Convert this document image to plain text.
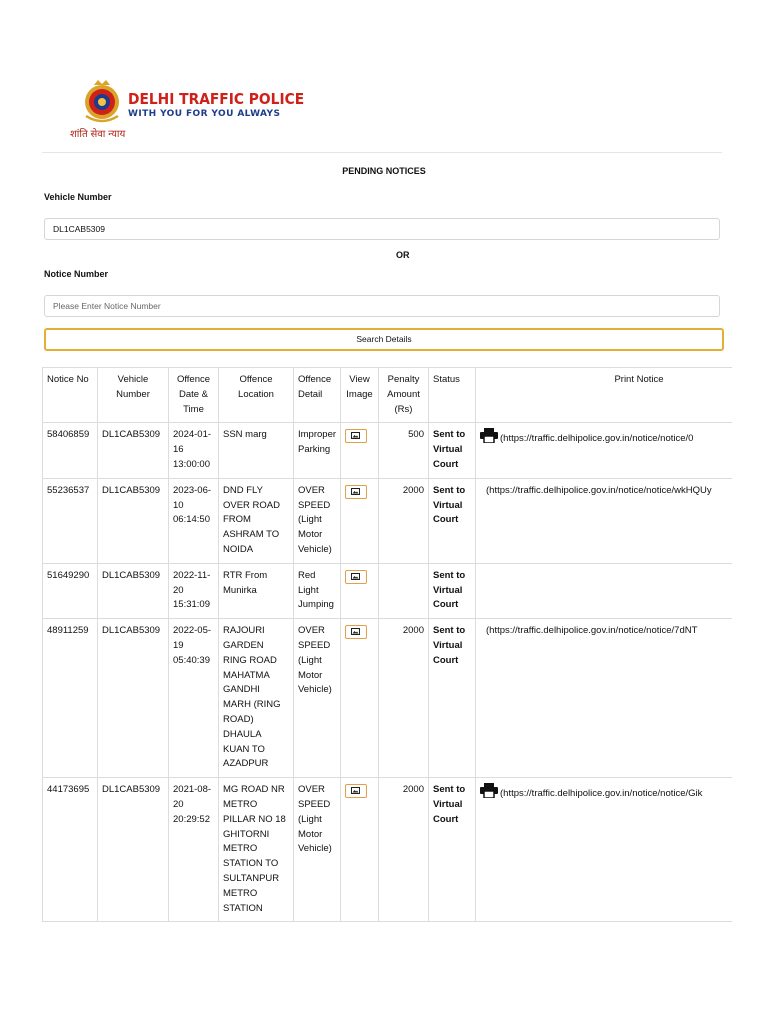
DELHI TRAFFIC POLICE
WITH YOU FOR YOU ALWAYS
शांति सेवा न्याय
PENDING NOTICES
Vehicle Number
DL1CAB5309
OR
Notice Number
Please Enter Notice Number
Search Details
Notice No	Vehicle Number	Offence Date & Time	Offence Location	Offence Detail	View Image	Penalty Amount (Rs)	Status	Print Notice
58406859	DL1CAB5309	2024-01-16 13:00:00	SSN marg	Improper Parking		500	Sent to Virtual Court	(https://traffic.delhipolice.gov.in/notice/notice/0
55236537	DL1CAB5309	2023-06-10 06:14:50	DND FLY OVER ROAD FROM ASHRAM TO NOIDA	OVER SPEED (Light Motor Vehicle)		2000	Sent to Virtual Court	(https://traffic.delhipolice.gov.in/notice/notice/wkHQUy
51649290	DL1CAB5309	2022-11-20 15:31:09	RTR From Munirka	Red Light Jumping			Sent to Virtual Court	
48911259	DL1CAB5309	2022-05-19 05:40:39	RAJOURI GARDEN RING ROAD MAHATMA GANDHI MARH (RING ROAD) DHAULA KUAN TO AZADPUR	OVER SPEED (Light Motor Vehicle)		2000	Sent to Virtual Court	(https://traffic.delhipolice.gov.in/notice/notice/7dNT
44173695	DL1CAB5309	2021-08-20 20:29:52	MG ROAD NR METRO PILLAR NO 18 GHITORNI METRO STATION TO SULTANPUR METRO STATION	OVER SPEED (Light Motor Vehicle)		2000	Sent to Virtual Court	(https://traffic.delhipolice.gov.in/notice/notice/Gik
